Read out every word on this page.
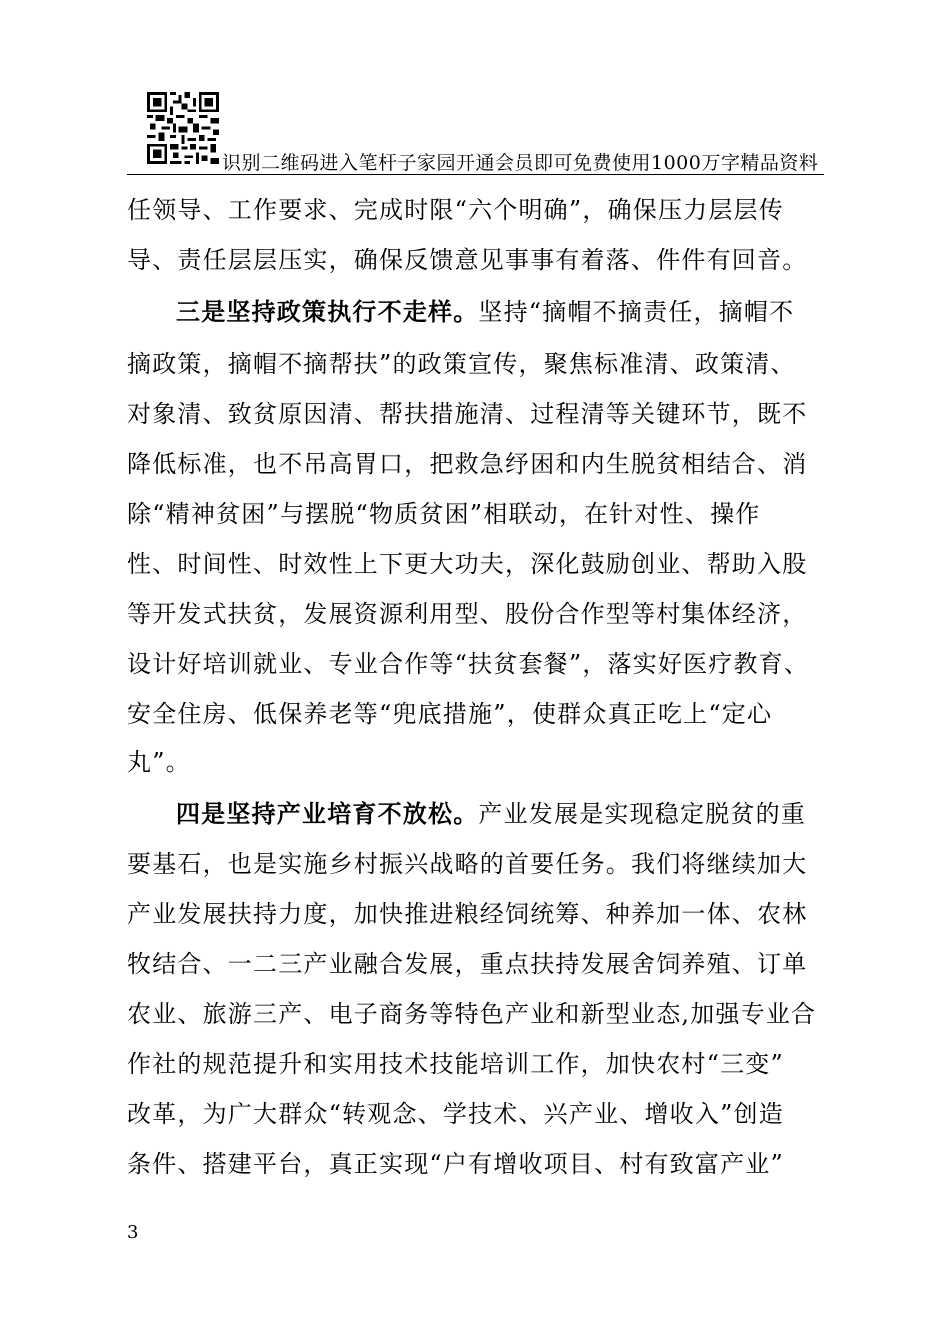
识别二维码进入笔杆子家园开通会员即可免费使用1000万字精品资料
任领导、工作要求、完成时限“六个明确”，确保压力层层传
导、责任层层压实，确保反馈意见事事有着落、件件有回音。
三是坚持政策执行不走样。坚持“摘帽不摘责任，摘帽不
摘政策，摘帽不摘帮扶”的政策宣传，聚焦标准清、政策清、
对象清、致贫原因清、帮扶措施清、过程清等关键环节，既不
降低标准，也不吊高胃口，把救急纾困和内生脱贫相结合、消
除“精神贫困”与摆脱“物质贫困”相联动，在针对性、操作
性、时间性、时效性上下更大功夫，深化鼓励创业、帮助入股
等开发式扶贫，发展资源利用型、股份合作型等村集体经济，
设计好培训就业、专业合作等“扶贫套餐”，落实好医疗教育、
安全住房、低保养老等“兜底措施”，使群众真正吃上“定心
丸”。
四是坚持产业培育不放松。产业发展是实现稳定脱贫的重
要基石，也是实施乡村振兴战略的首要任务。我们将继续加大
产业发展扶持力度，加快推进粮经饲统筹、种养加一体、农林
牧结合、一二三产业融合发展，重点扶持发展舍饲养殖、订单
农业、旅游三产、电子商务等特色产业和新型业态,加强专业合
作社的规范提升和实用技术技能培训工作，加快农村“三变”
改革，为广大群众“转观念、学技术、兴产业、增收入”创造
条件、搭建平台，真正实现“户有增收项目、村有致富产业”
3
